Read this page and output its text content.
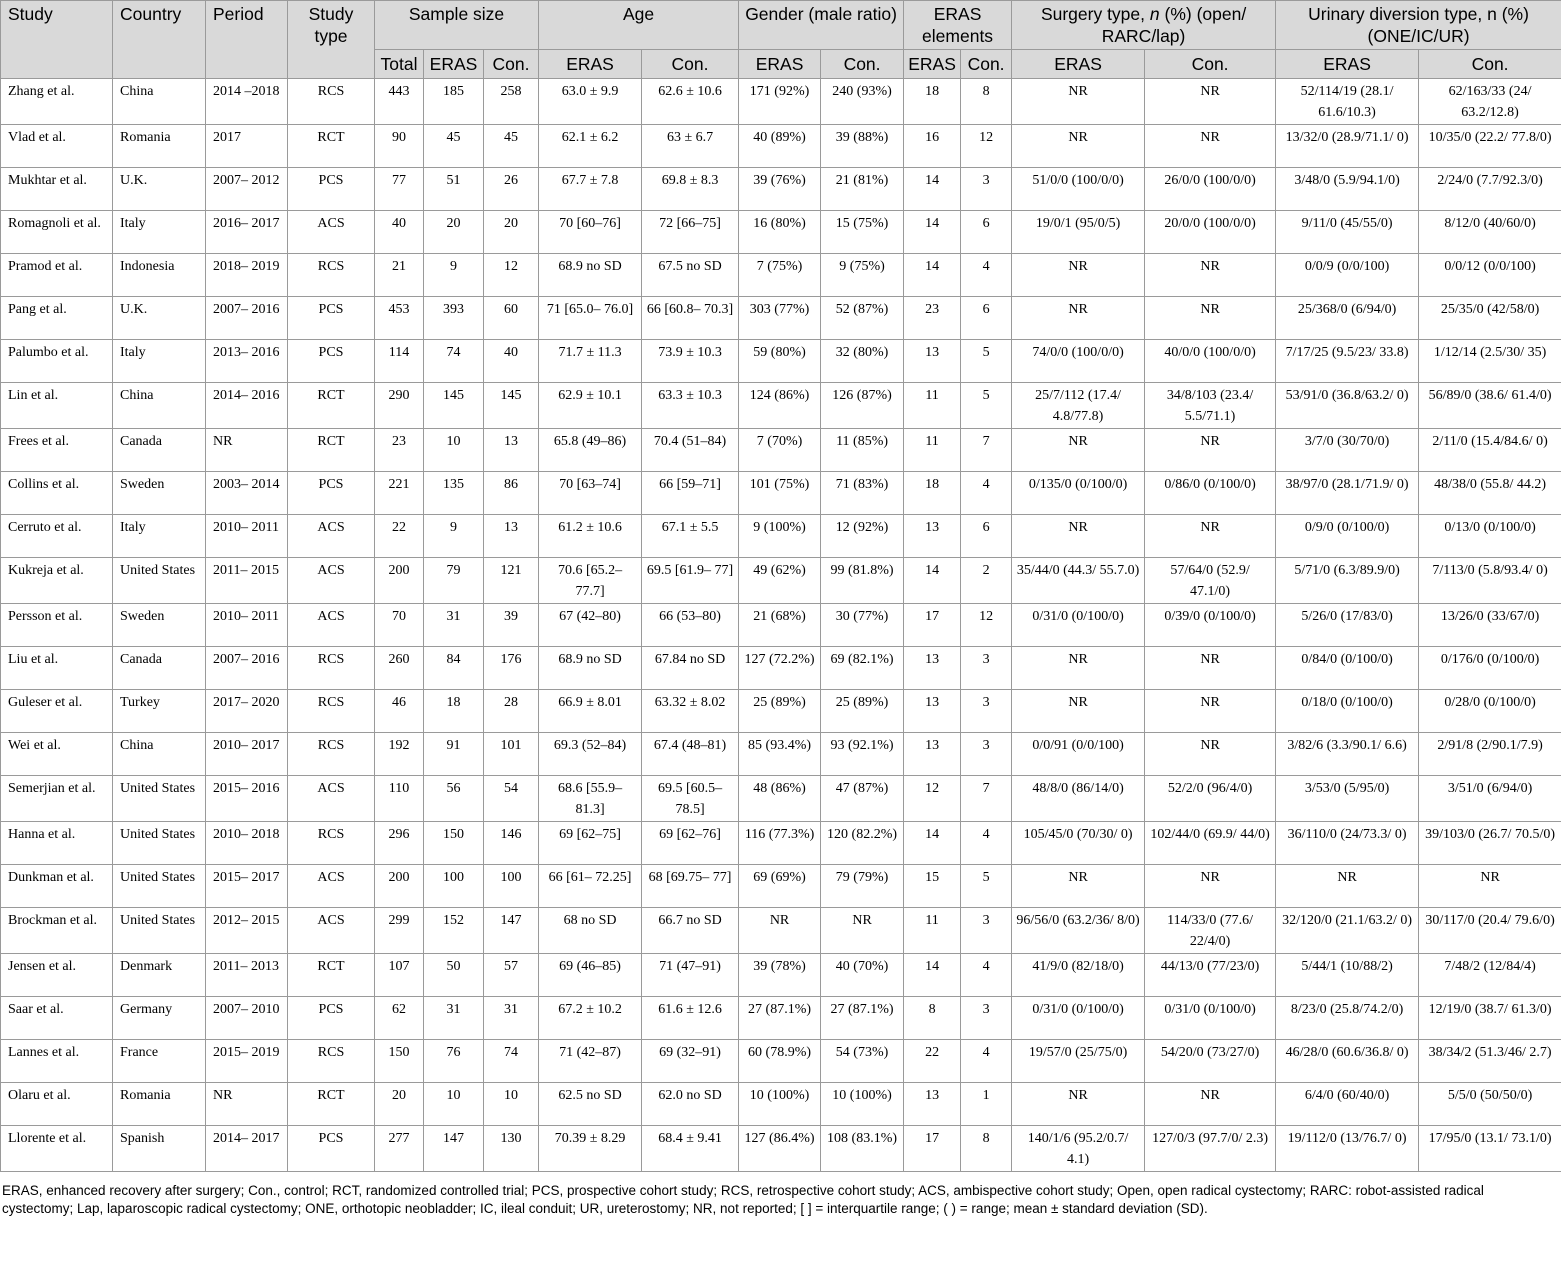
Study	Country	Period	Study type	Sample size			Age		Gender (male ratio)		ERAS elements		Surgery type, n (%) (open/ RARC/lap)		Urinary diversion type, n (%) (ONE/IC/UR)	
				Total	ERAS	Con.	ERAS	Con.	ERAS	Con.	ERAS	Con.	ERAS	Con.	ERAS	Con.
Zhang et al.	China	2014 –2018	RCS	443	185	258	63.0 ± 9.9	62.6 ± 10.6	171 (92%)	240 (93%)	18	8	NR	NR	52/114/19 (28.1/ 61.6/10.3)	62/163/33 (24/ 63.2/12.8)
Vlad et al.	Romania	2017	RCT	90	45	45	62.1 ± 6.2	63 ± 6.7	40 (89%)	39 (88%)	16	12	NR	NR	13/32/0 (28.9/71.1/ 0)	10/35/0 (22.2/ 77.8/0)
Mukhtar et al.	U.K.	2007– 2012	PCS	77	51	26	67.7 ± 7.8	69.8 ± 8.3	39 (76%)	21 (81%)	14	3	51/0/0 (100/0/0)	26/0/0 (100/0/0)	3/48/0 (5.9/94.1/0)	2/24/0 (7.7/92.3/0)
Romagnoli et al.	Italy	2016– 2017	ACS	40	20	20	70 [60–76]	72 [66–75]	16 (80%)	15 (75%)	14	6	19/0/1 (95/0/5)	20/0/0 (100/0/0)	9/11/0 (45/55/0)	8/12/0 (40/60/0)
Pramod et al.	Indonesia	2018– 2019	RCS	21	9	12	68.9 no SD	67.5 no SD	7 (75%)	9 (75%)	14	4	NR	NR	0/0/9 (0/0/100)	0/0/12 (0/0/100)
Pang et al.	U.K.	2007– 2016	PCS	453	393	60	71 [65.0– 76.0]	66 [60.8– 70.3]	303 (77%)	52 (87%)	23	6	NR	NR	25/368/0 (6/94/0)	25/35/0 (42/58/0)
Palumbo et al.	Italy	2013– 2016	PCS	114	74	40	71.7 ± 11.3	73.9 ± 10.3	59 (80%)	32 (80%)	13	5	74/0/0 (100/0/0)	40/0/0 (100/0/0)	7/17/25 (9.5/23/ 33.8)	1/12/14 (2.5/30/ 35)
Lin et al.	China	2014– 2016	RCT	290	145	145	62.9 ± 10.1	63.3 ± 10.3	124 (86%)	126 (87%)	11	5	25/7/112 (17.4/ 4.8/77.8)	34/8/103 (23.4/ 5.5/71.1)	53/91/0 (36.8/63.2/ 0)	56/89/0 (38.6/ 61.4/0)
Frees et al.	Canada	NR	RCT	23	10	13	65.8 (49–86)	70.4 (51–84)	7 (70%)	11 (85%)	11	7	NR	NR	3/7/0 (30/70/0)	2/11/0 (15.4/84.6/ 0)
Collins et al.	Sweden	2003– 2014	PCS	221	135	86	70 [63–74]	66 [59–71]	101 (75%)	71 (83%)	18	4	0/135/0 (0/100/0)	0/86/0 (0/100/0)	38/97/0 (28.1/71.9/ 0)	48/38/0 (55.8/ 44.2)
Cerruto et al.	Italy	2010– 2011	ACS	22	9	13	61.2 ± 10.6	67.1 ± 5.5	9 (100%)	12 (92%)	13	6	NR	NR	0/9/0 (0/100/0)	0/13/0 (0/100/0)
Kukreja et al.	United States	2011– 2015	ACS	200	79	121	70.6 [65.2– 77.7]	69.5 [61.9– 77]	49 (62%)	99 (81.8%)	14	2	35/44/0 (44.3/ 55.7.0)	57/64/0 (52.9/ 47.1/0)	5/71/0 (6.3/89.9/0)	7/113/0 (5.8/93.4/ 0)
Persson et al.	Sweden	2010– 2011	ACS	70	31	39	67 (42–80)	66 (53–80)	21 (68%)	30 (77%)	17	12	0/31/0 (0/100/0)	0/39/0 (0/100/0)	5/26/0 (17/83/0)	13/26/0 (33/67/0)
Liu et al.	Canada	2007– 2016	RCS	260	84	176	68.9 no SD	67.84 no SD	127 (72.2%)	69 (82.1%)	13	3	NR	NR	0/84/0 (0/100/0)	0/176/0 (0/100/0)
Guleser et al.	Turkey	2017– 2020	RCS	46	18	28	66.9 ± 8.01	63.32 ± 8.02	25 (89%)	25 (89%)	13	3	NR	NR	0/18/0 (0/100/0)	0/28/0 (0/100/0)
Wei et al.	China	2010– 2017	RCS	192	91	101	69.3 (52–84)	67.4 (48–81)	85 (93.4%)	93 (92.1%)	13	3	0/0/91 (0/0/100)	NR	3/82/6 (3.3/90.1/ 6.6)	2/91/8 (2/90.1/7.9)
Semerjian et al.	United States	2015– 2016	ACS	110	56	54	68.6 [55.9– 81.3]	69.5 [60.5– 78.5]	48 (86%)	47 (87%)	12	7	48/8/0 (86/14/0)	52/2/0 (96/4/0)	3/53/0 (5/95/0)	3/51/0 (6/94/0)
Hanna et al.	United States	2010– 2018	RCS	296	150	146	69 [62–75]	69 [62–76]	116 (77.3%)	120 (82.2%)	14	4	105/45/0 (70/30/ 0)	102/44/0 (69.9/ 44/0)	36/110/0 (24/73.3/ 0)	39/103/0 (26.7/ 70.5/0)
Dunkman et al.	United States	2015– 2017	ACS	200	100	100	66 [61– 72.25]	68 [69.75– 77]	69 (69%)	79 (79%)	15	5	NR	NR	NR	NR
Brockman et al.	United States	2012– 2015	ACS	299	152	147	68 no SD	66.7 no SD	NR	NR	11	3	96/56/0 (63.2/36/ 8/0)	114/33/0 (77.6/ 22/4/0)	32/120/0 (21.1/63.2/ 0)	30/117/0 (20.4/ 79.6/0)
Jensen et al.	Denmark	2011– 2013	RCT	107	50	57	69 (46–85)	71 (47–91)	39 (78%)	40 (70%)	14	4	41/9/0 (82/18/0)	44/13/0 (77/23/0)	5/44/1 (10/88/2)	7/48/2 (12/84/4)
Saar et al.	Germany	2007– 2010	PCS	62	31	31	67.2 ± 10.2	61.6 ± 12.6	27 (87.1%)	27 (87.1%)	8	3	0/31/0 (0/100/0)	0/31/0 (0/100/0)	8/23/0 (25.8/74.2/0)	12/19/0 (38.7/ 61.3/0)
Lannes et al.	France	2015– 2019	RCS	150	76	74	71 (42–87)	69 (32–91)	60 (78.9%)	54 (73%)	22	4	19/57/0 (25/75/0)	54/20/0 (73/27/0)	46/28/0 (60.6/36.8/ 0)	38/34/2 (51.3/46/ 2.7)
Olaru et al.	Romania	NR	RCT	20	10	10	62.5 no SD	62.0 no SD	10 (100%)	10 (100%)	13	1	NR	NR	6/4/0 (60/40/0)	5/5/0 (50/50/0)
Llorente et al.	Spanish	2014– 2017	PCS	277	147	130	70.39 ± 8.29	68.4 ± 9.41	127 (86.4%)	108 (83.1%)	17	8	140/1/6 (95.2/0.7/ 4.1)	127/0/3 (97.7/0/ 2.3)	19/112/0 (13/76.7/ 0)	17/95/0 (13.1/ 73.1/0)
ERAS, enhanced recovery after surgery; Con., control; RCT, randomized controlled trial; PCS, prospective cohort study; RCS, retrospective cohort study; ACS, ambispective cohort study; Open, open radical cystectomy; RARC: robot-assisted radical cystectomy; Lap, laparoscopic radical cystectomy; ONE, orthotopic neobladder; IC, ileal conduit; UR, ureterostomy; NR, not reported; [ ] = interquartile range; ( ) = range; mean ± standard deviation (SD).
